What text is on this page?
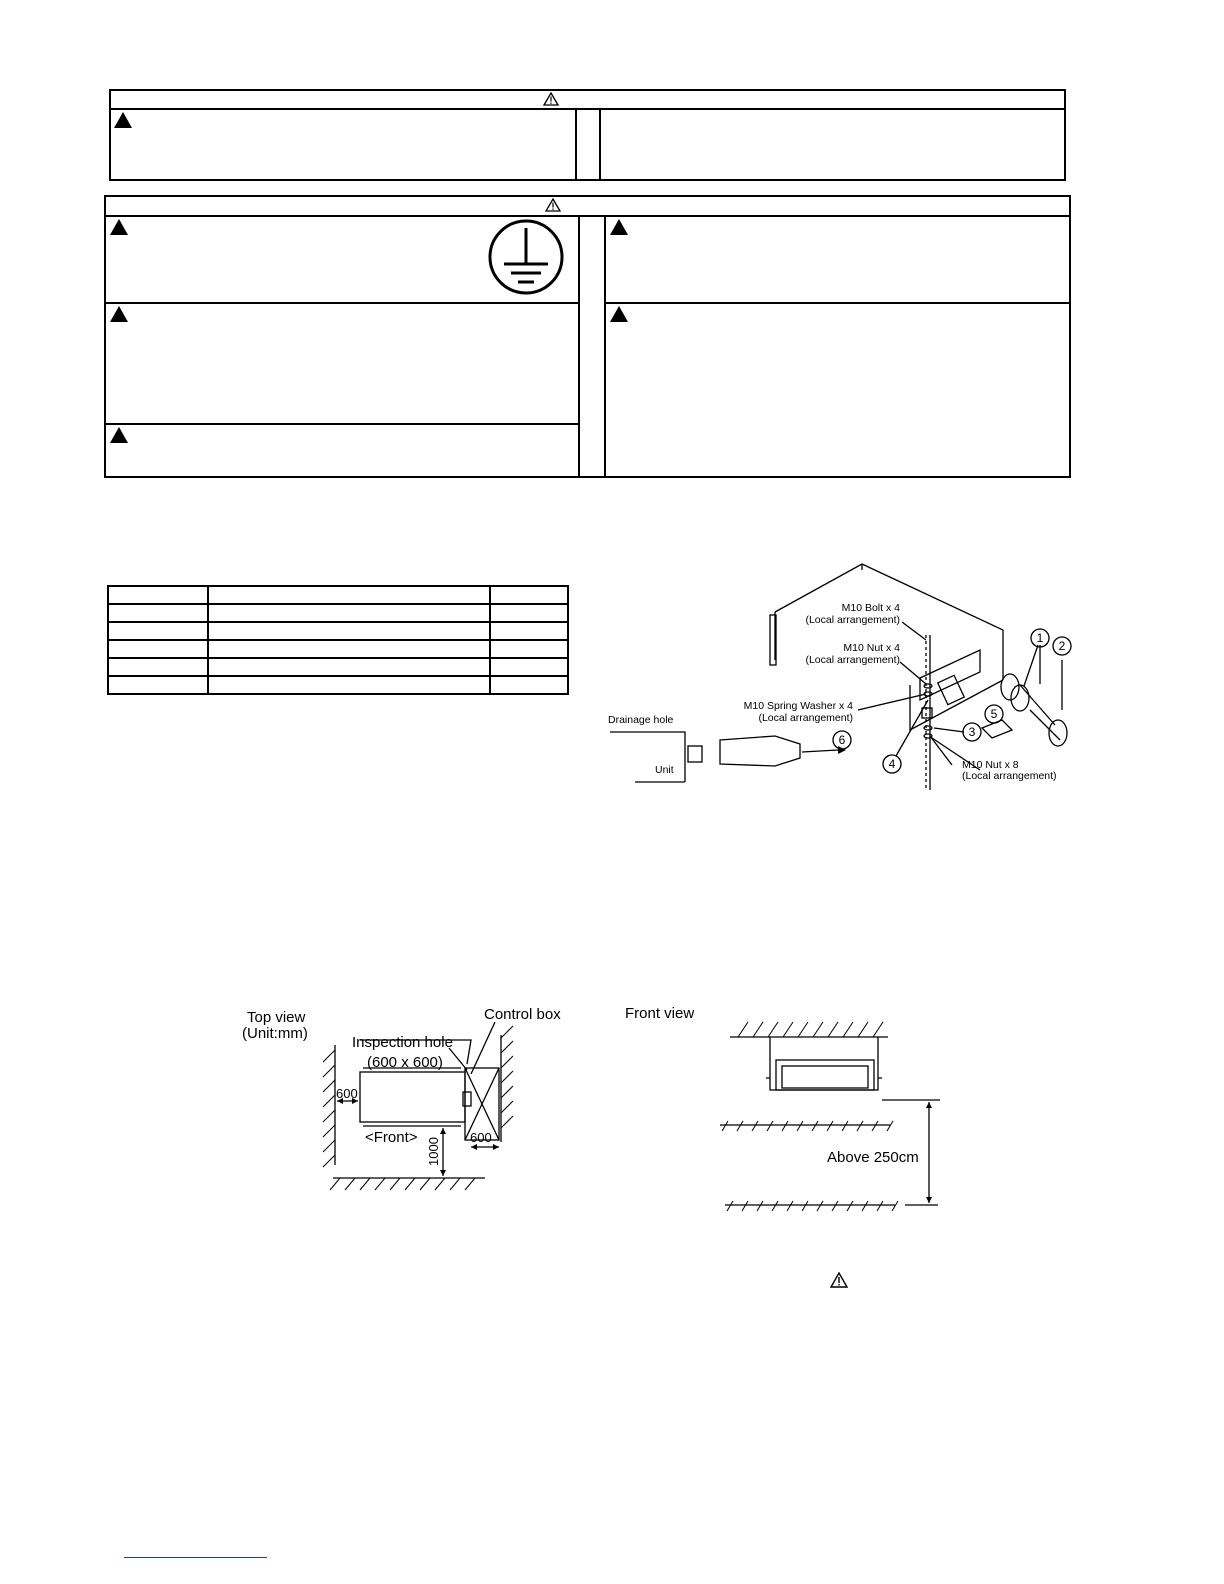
1
2
3
4
5
6
M10 Bolt x 4
(Local arrangement)
M10 Nut x 4
(Local arrangement)
M10 Spring Washer x 4
(Local arrangement)
M10 Nut x 8
(Local arrangement)
Drainage hole
Unit
Top view
(Unit:mm)
Control box
Inspection hole
(600 x 600)
600
600
1000
<Front>
Front view
Above 250cm
